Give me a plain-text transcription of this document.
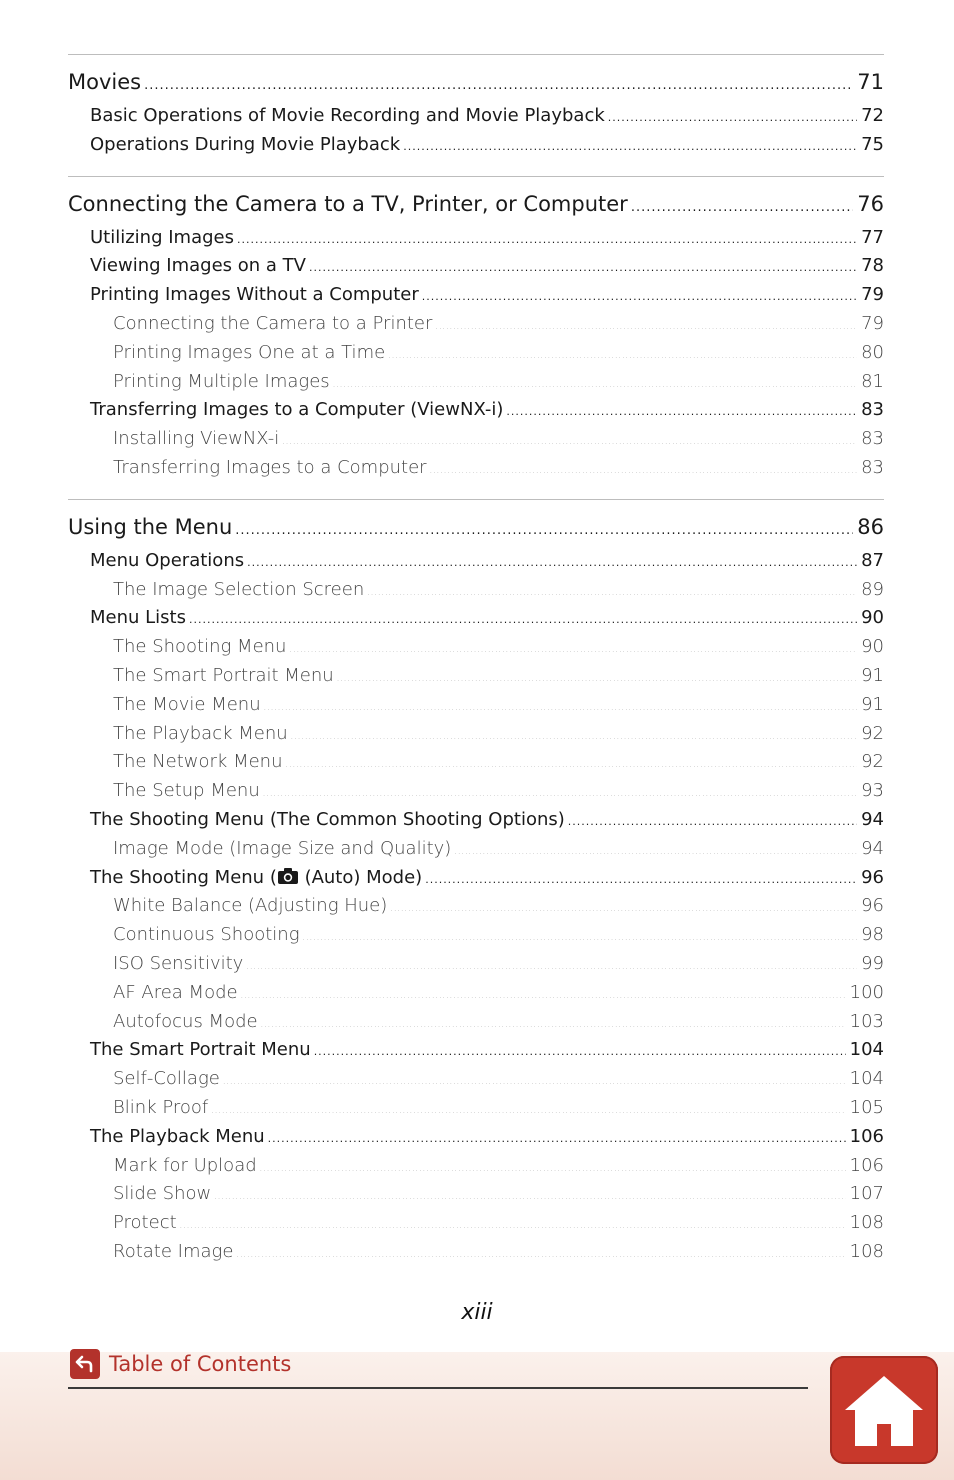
Movies .....	71
Basic Operations of Movie Recording and Movie Playback .....	72
Operations During Movie Playback .....	75
Connecting the Camera to a TV, Printer, or Computer .....	76
Utilizing Images .....	77
Viewing Images on a TV .....	78
Printing Images Without a Computer .....	79
Connecting the Camera to a Printer .....	79
Printing Images One at a Time .....	80
Printing Multiple Images .....	81
Transferring Images to a Computer (ViewNX-i) .....	83
Installing ViewNX-i .....	83
Transferring Images to a Computer .....	83
Using the Menu .....	86
Menu Operations .....	87
The Image Selection Screen .....	89
Menu Lists .....	90
The Shooting Menu .....	90
The Smart Portrait Menu .....	91
The Movie Menu .....	91
The Playback Menu .....	92
The Network Menu .....	92
The Setup Menu .....	93
The Shooting Menu (The Common Shooting Options) .....	94
Image Mode (Image Size and Quality) .....	94
The Shooting Menu ( (Auto) Mode) .....	96
White Balance (Adjusting Hue) .....	96
Continuous Shooting .....	98
ISO Sensitivity .....	99
AF Area Mode .....	100
Autofocus Mode .....	103
The Smart Portrait Menu .....	104
Self-Collage .....	104
Blink Proof .....	105
The Playback Menu .....	106
Mark for Upload .....	106
Slide Show .....	107
Protect .....	108
Rotate Image .....	108
xiii
Table of Contents
